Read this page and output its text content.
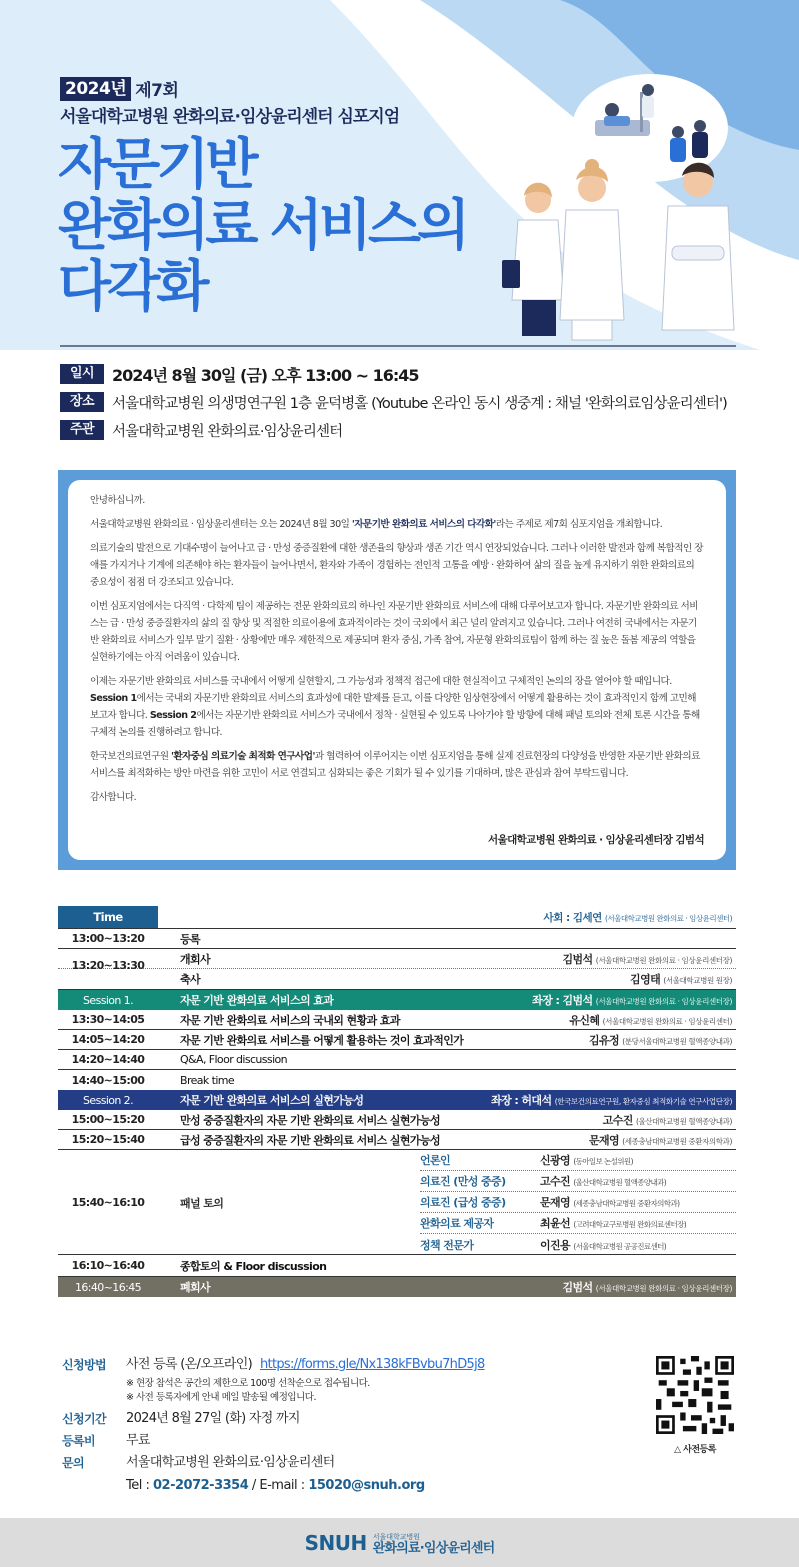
2024년 제7회
서울대학교병원 완화의료·임상윤리센터 심포지엄
자문기반
완화의료 서비스의
다각화
일시	2024년 8월 30일 (금) 오후 13:00 ~ 16:45
장소	서울대학교병원 의생명연구원 1층 윤덕병홀 (Youtube 온라인 동시 생중계 : 채널 '완화의료임상윤리센터')
주관	서울대학교병원 완화의료·임상윤리센터

안녕하십니까.

서울대학교병원 완화의료 · 임상윤리센터는 오는 2024년 8월 30일 '자문기반 완화의료 서비스의 다각화'라는 주제로 제7회 심포지엄을 개최합니다.

의료기술의 발전으로 기대수명이 늘어나고 급 · 만성 중증질환에 대한 생존율의 향상과 생존 기간 역시 연장되었습니다. 그러나 이러한 발전과 함께 복합적인 장애를 가지거나 기계에 의존해야 하는 환자들이 늘어나면서, 환자와 가족이 경험하는 전인적 고통을 예방 · 완화하여 삶의 질을 높게 유지하기 위한 완화의료의 중요성이 점점 더 강조되고 있습니다.

이번 심포지엄에서는 다직역 · 다학제 팀이 제공하는 전문 완화의료의 하나인 자문기반 완화의료 서비스에 대해 다루어보고자 합니다. 자문기반 완화의료 서비스는 급 · 만성 중증질환자의 삶의 질 향상 및 적절한 의료이용에 효과적이라는 것이 국외에서 최근 널리 알려지고 있습니다. 그러나 여전히 국내에서는 자문기반 완화의료 서비스가 일부 말기 질환 · 상황에만 매우 제한적으로 제공되며 환자 중심, 가족 참여, 자문형 완화의료팀이 함께 하는 질 높은 돌봄 제공의 역할을 실현하기에는 아직 어려움이 있습니다.

이제는 자문기반 완화의료 서비스를 국내에서 어떻게 실현할지, 그 가능성과 정책적 접근에 대한 현실적이고 구체적인 논의의 장을 열어야 할 때입니다. Session 1에서는 국내외 자문기반 완화의료 서비스의 효과성에 대한 발제를 듣고, 이를 다양한 임상현장에서 어떻게 활용하는 것이 효과적인지 함께 고민해 보고자 합니다. Session 2에서는 자문기반 완화의료 서비스가 국내에서 정착 · 실현될 수 있도록 나아가야 할 방향에 대해 패널 토의와 전체 토론 시간을 통해 구체적 논의를 진행하려고 합니다.

한국보건의료연구원 '환자중심 의료기술 최적화 연구사업'과 협력하여 이루어지는 이번 심포지엄을 통해 실제 진료현장의 다양성을 반영한 자문기반 완화의료 서비스를 최적화하는 방안 마련을 위한 고민이 서로 연결되고 심화되는 좋은 기회가 될 수 있기를 기대하며, 많은 관심과 참여 부탁드립니다.

감사합니다.

서울대학교병원 완화의료 · 임상윤리센터장 김범석
Time	사회 : 김세연 (서울대학교병원 완화의료 · 임상윤리센터)
13:00~13:20	등록
13:20~13:30	개회사	김범석 (서울대학교병원 완화의료 · 임상윤리센터장)
축사	김영태 (서울대학교병원 원장)
Session 1.	자문 기반 완화의료 서비스의 효과	좌장 : 김범석 (서울대학교병원 완화의료 · 임상윤리센터장)
13:30~14:05	자문 기반 완화의료 서비스의 국내외 현황과 효과	유신혜 (서울대학교병원 완화의료 · 임상윤리센터)
14:05~14:20	자문 기반 완화의료 서비스를 어떻게 활용하는 것이 효과적인가	김유정 (분당서울대학교병원 혈액종양내과)
14:20~14:40	Q&A, Floor discussion
14:40~15:00	Break time
Session 2.	자문 기반 완화의료 서비스의 실현가능성	좌장 : 허대석 (한국보건의료연구원, 환자중심 최적화기술 연구사업단장)
15:00~15:20	만성 중증질환자의 자문 기반 완화의료 서비스 실현가능성	고수진 (울산대학교병원 혈액종양내과)
15:20~15:40	급성 중증질환자의 자문 기반 완화의료 서비스 실현가능성	문재영 (세종충남대학교병원 중환자의학과)
15:40~16:10	패널 토의
언론인	신광영 (동아일보 논설위원)
의료진 (만성 중증)	고수진 (울산대학교병원 혈액종양내과)
의료진 (급성 중증)	문재영 (세종충남대학교병원 중환자의학과)
완화의료 제공자	최윤선 (고려대학교구로병원 완화의료센터장)
정책 전문가	이진용 (서울대학교병원 공공진료센터)
16:10~16:40	종합토의 & Floor discussion
16:40~16:45	폐회사	김범석 (서울대학교병원 완화의료 · 임상윤리센터장)
신청방법	사전 등록 (온/오프라인) https://forms.gle/Nx138kFBvbu7hD5j8
※ 현장 참석은 공간의 제한으로 100명 선착순으로 접수됩니다.
※ 사전 등록자에게 안내 메일 발송될 예정입니다.
신청기간	2024년 8월 27일 (화) 자정 까지
등록비	무료
문의	서울대학교병원 완화의료·임상윤리센터
Tel : 02-2072-3354 / E-mail : 15020@snuh.org
△ 사전등록
SNUH 서울대학교병원
완화의료·임상윤리센터
